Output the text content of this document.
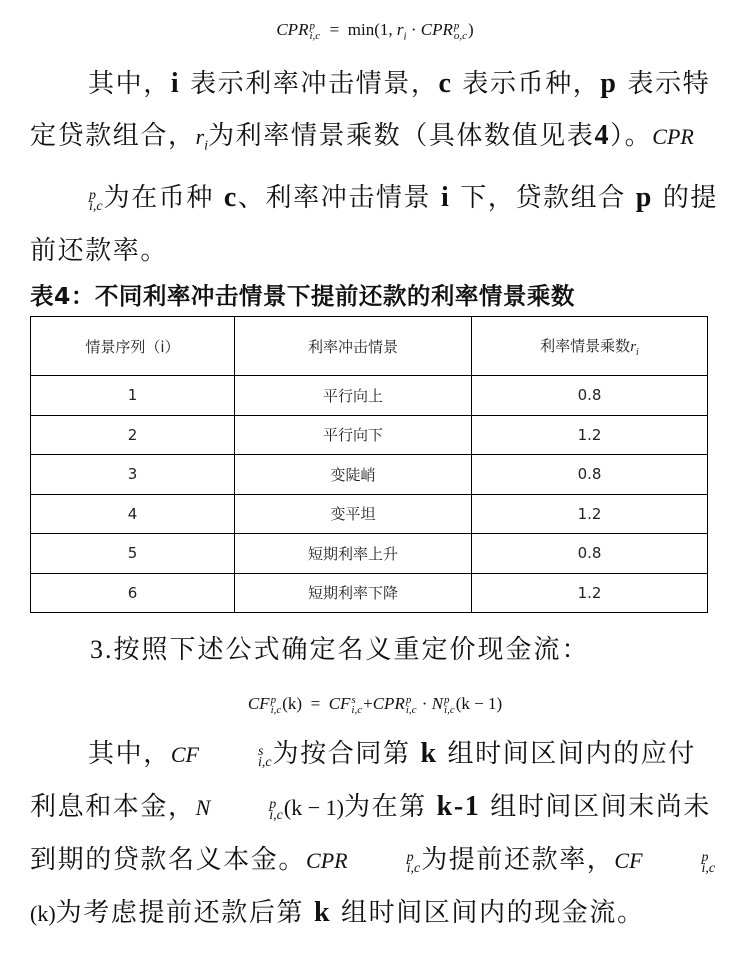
CPR p
i,c = min(1, $r_i$ · CPR p
o,c )

其中，i 表示利率冲击情景，c 表示币种，p 表示特定贷款组合，$r_i$为利率情景乘数（具体数值见表4）。CPR
p
i,c 为在币种 c、利率冲击情景 i 下，贷款组合 p 的提前还款率。

表4：不同利率冲击情景下提前还款的利率情景乘数
情景序列（i）	利率冲击情景	利率情景乘数$r_i$
1	平行向上	0.8
2	平行向下	1.2
3	变陡峭	0.8
4	变平坦	1.2
5	短期利率上升	0.8
6	短期利率下降	1.2
3.按照下述公式确定名义重定价现金流：
CF p
i,c (k) = CF s
i,c +CPR p
i,c · N p
i,c (k − 1)

其中，CF	s
i,c 为按合同第 k 组时间区间内的应付利息和本金，N	p
i,c (k − 1)为在第 k-1 组时间区间末尚未到期的贷款名义本金。CPR	p
i,c 为提前还款率，CF	p
i,c
(k)为考虑提前还款后第 k 组时间区间内的现金流。
